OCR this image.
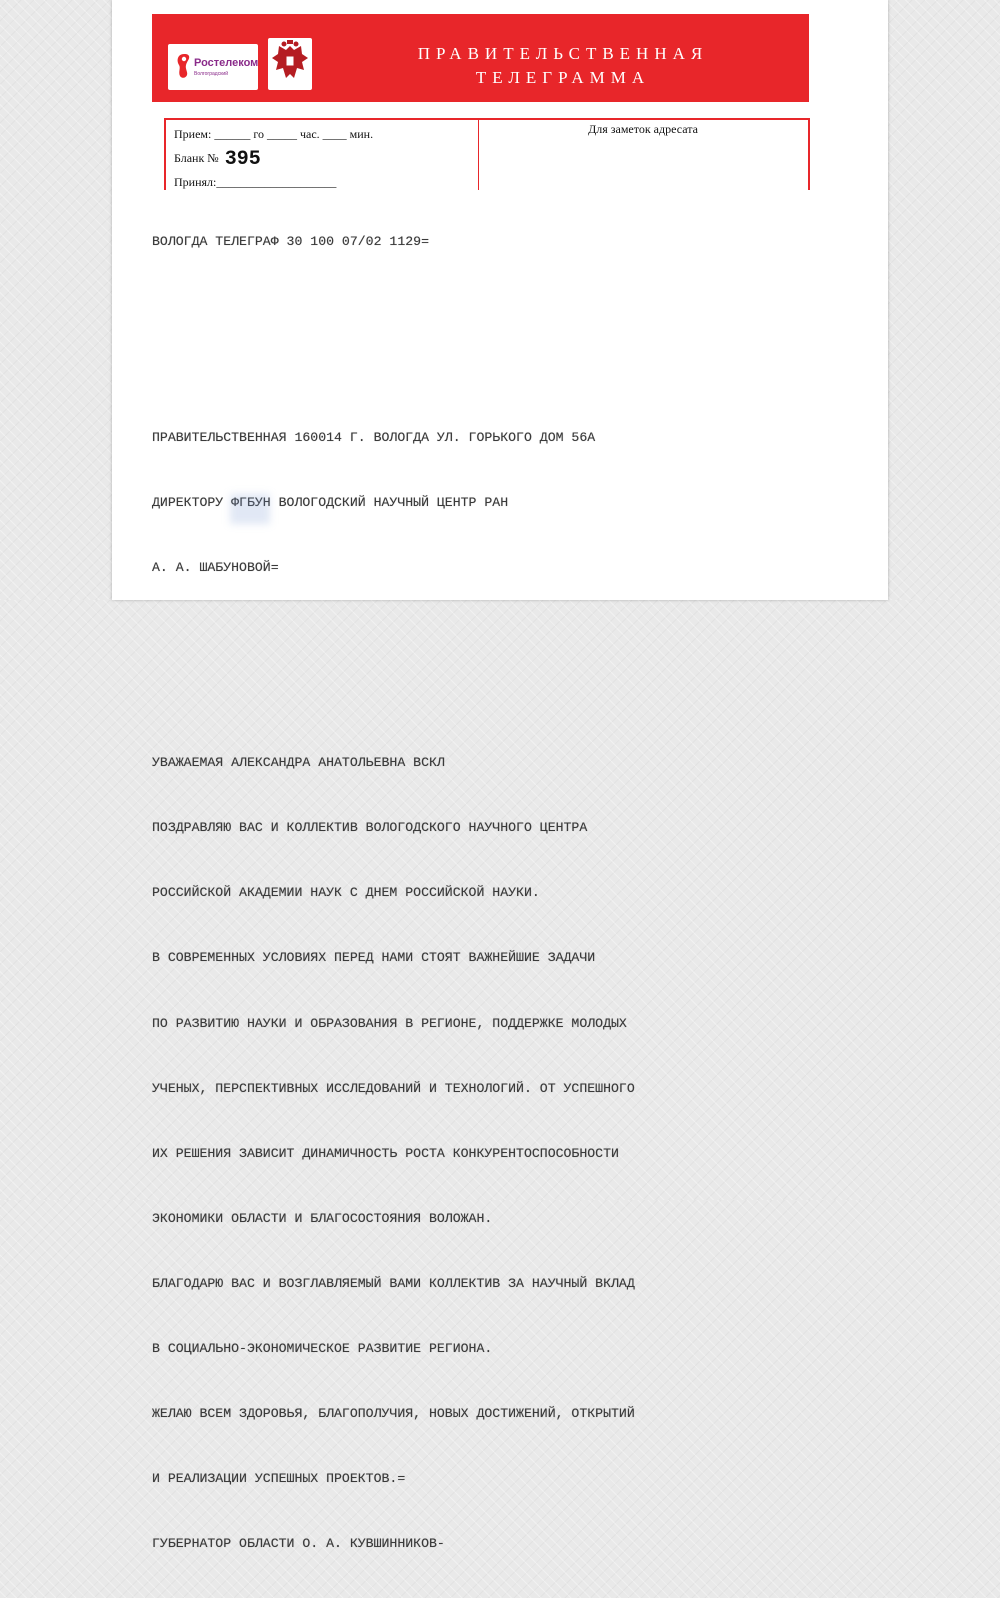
Ростелеком
Волгоградский
ПРАВИТЕЛЬСТВЕННАЯ
ТЕЛЕГРАММА
Прием: ______ го _____ час. ____ мин.
Бланк № 395
Принял:____________________
Для заметок адресата

ВОЛОГДА ТЕЛЕГРАФ 30 100 07/02 1129=

ПРАВИТЕЛЬСТВЕННАЯ 160014 Г. ВОЛОГДА УЛ. ГОРЬКОГО ДОМ 56А

ДИРЕКТОРУ ФГБУН ВОЛОГОДСКИЙ НАУЧНЫЙ ЦЕНТР РАН

А. А. ШАБУНОВОЙ=

УВАЖАЕМАЯ АЛЕКСАНДРА АНАТОЛЬЕВНА ВСКЛ

ПОЗДРАВЛЯЮ ВАС И КОЛЛЕКТИВ ВОЛОГОДСКОГО НАУЧНОГО ЦЕНТРА

РОССИЙСКОЙ АКАДЕМИИ НАУК С ДНЕМ РОССИЙСКОЙ НАУКИ.

В СОВРЕМЕННЫХ УСЛОВИЯХ ПЕРЕД НАМИ СТОЯТ ВАЖНЕЙШИЕ ЗАДАЧИ

ПО РАЗВИТИЮ НАУКИ И ОБРАЗОВАНИЯ В РЕГИОНЕ, ПОДДЕРЖКЕ МОЛОДЫХ

УЧЕНЫХ, ПЕРСПЕКТИВНЫХ ИССЛЕДОВАНИЙ И ТЕХНОЛОГИЙ. ОТ УСПЕШНОГО

ИХ РЕШЕНИЯ ЗАВИСИТ ДИНАМИЧНОСТЬ РОСТА КОНКУРЕНТОСПОСОБНОСТИ

ЭКОНОМИКИ ОБЛАСТИ И БЛАГОСОСТОЯНИЯ ВОЛОЖАН.

БЛАГОДАРЮ ВАС И ВОЗГЛАВЛЯЕМЫЙ ВАМИ КОЛЛЕКТИВ ЗА НАУЧНЫЙ ВКЛАД

В СОЦИАЛЬНО-ЭКОНОМИЧЕСКОЕ РАЗВИТИЕ РЕГИОНА.

ЖЕЛАЮ ВСЕМ ЗДОРОВЬЯ, БЛАГОПОЛУЧИЯ, НОВЫХ ДОСТИЖЕНИЙ, ОТКРЫТИЙ

И РЕАЛИЗАЦИИ УСПЕШНЫХ ПРОЕКТОВ.=

ГУБЕРНАТОР ОБЛАСТИ О. А. КУВШИННИКОВ-
